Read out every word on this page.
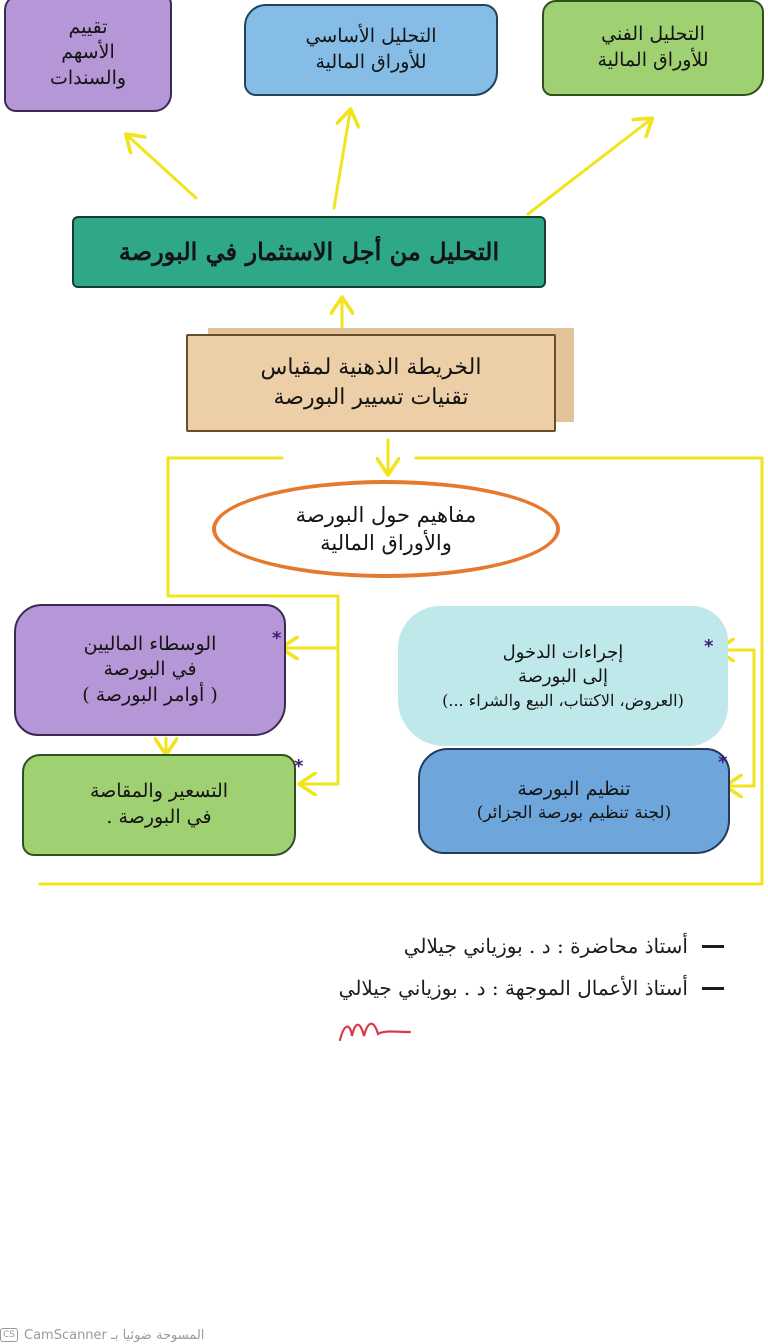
تقييم
الأسهم
والسندات
التحليل الأساسي
للأوراق المالية
التحليل الفني
للأوراق المالية
التحليل من أجل الاستثمار في البورصة
الخريطة الذهنية لمقياس
تقنيات تسيير البورصة
مفاهيم حول البورصة
والأوراق المالية
الوسطاء الماليين
في البورصة
( أوامر البورصة )
التسعير والمقاصة
في البورصة .
إجراءات الدخول
إلى البورصة
(العروض، الاكتتاب، البيع والشراء ...)
تنظيم البورصة
(لجنة تنظيم بورصة الجزائر)
*
*
*
*
أستاذ محاضرة : د . بوزياني جيلالي
أستاذ الأعمال الموجهة : د . بوزياني جيلالي
CS CamScanner المسوحة ضوئيا بـ
